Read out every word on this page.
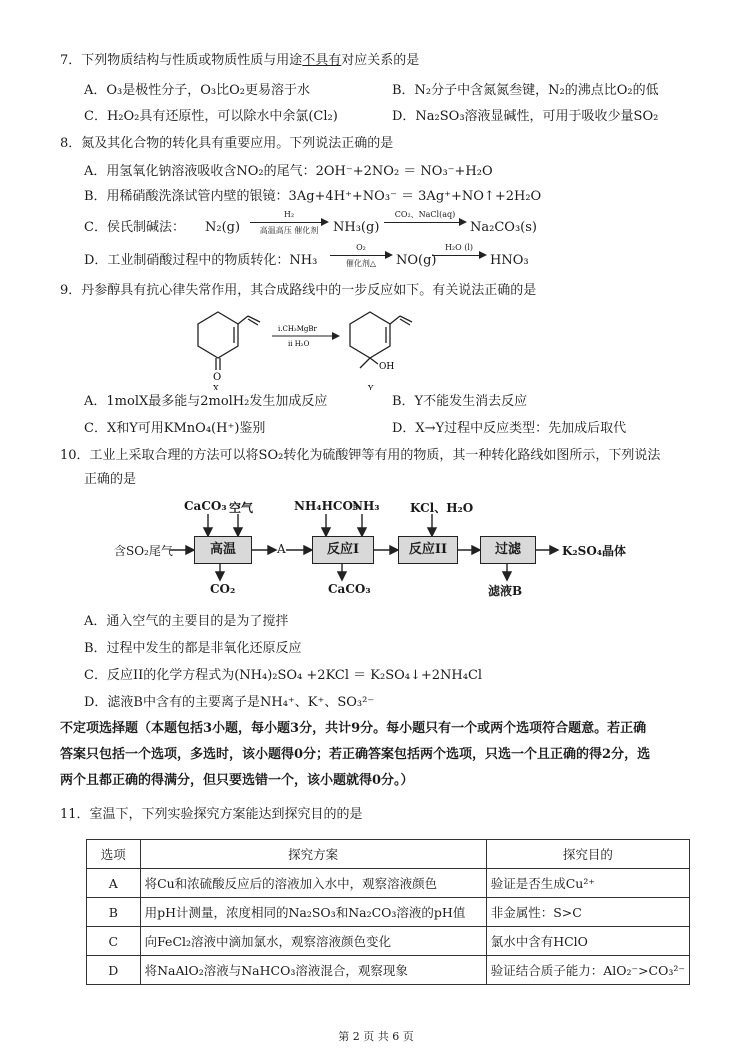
7．下列物质结构与性质或物质性质与用途不具有对应关系的是
A．O₃是极性分子，O₃比O₂更易溶于水	B．N₂分子中含氮氮叁键，N₂的沸点比O₂的低
C．H₂O₂具有还原性，可以除水中余氯(Cl₂)	D．Na₂SO₃溶液显碱性，可用于吸收少量SO₂
8．氮及其化合物的转化具有重要应用。下列说法正确的是
A．用氢氧化钠溶液吸收含NO₂的尾气：2OH⁻+2NO₂ ＝ NO₃⁻+H₂O
B．用稀硝酸洗涤试管内壁的银镜：3Ag+4H⁺+NO₃⁻ ＝ 3Ag⁺+NO↑+2H₂O
C．侯氏制碱法： N₂(g)
H₂
高温高压 催化剂	NH₃(g)
CO₂、NaCl(aq)
Na₂CO₃(s)
D．工业制硝酸过程中的物质转化：NH₃
O₂
催化剂△	NO(g)
H₂O (l)
HNO₃
9．丹参醇具有抗心律失常作用，其合成路线中的一步反应如下。有关说法正确的是
O
X
i.CH₃MgBr
ii H₂O
OH
Y
A．1molX最多能与2molH₂发生加成反应	B．Y不能发生消去反应
C．X和Y可用KMnO₄(H⁺)鉴别	D．X→Y过程中反应类型：先加成后取代
10．工业上采取合理的方法可以将SO₂转化为硫酸钾等有用的物质，其一种转化路线如图所示，下列说法
正确的是
含SO₂尾气
CaCO₃ 空气
高温
CO₂
A
NH₄HCO₃
NH₃
反应I
CaCO₃
KCl、H₂O
反应II	过滤
滤液B
K₂SO₄晶体
A．通入空气的主要目的是为了搅拌
B．过程中发生的都是非氧化还原反应
C．反应II的化学方程式为(NH₄)₂SO₄ +2KCl ＝ K₂SO₄↓+2NH₄Cl
D．滤液B中含有的主要离子是NH₄⁺、K⁺、SO₃²⁻
不定项选择题（本题包括3小题，每小题3分，共计9分。每小题只有一个或两个选项符合题意。若正确
答案只包括一个选项，多选时，该小题得0分；若正确答案包括两个选项，只选一个且正确的得2分，选
两个且都正确的得满分，但只要选错一个，该小题就得0分。）
11．室温下，下列实验探究方案能达到探究目的的是
选项	探究方案	探究目的
A	将Cu和浓硫酸反应后的溶液加入水中，观察溶液颜色	验证是否生成Cu²⁺
B	用pH计测量，浓度相同的Na₂SO₃和Na₂CO₃溶液的pH值	非金属性：S>C
C	向FeCl₂溶液中滴加氯水，观察溶液颜色变化	氯水中含有HClO
D	将NaAlO₂溶液与NaHCO₃溶液混合，观察现象	验证结合质子能力：AlO₂⁻>CO₃²⁻
第 2 页 共 6 页
